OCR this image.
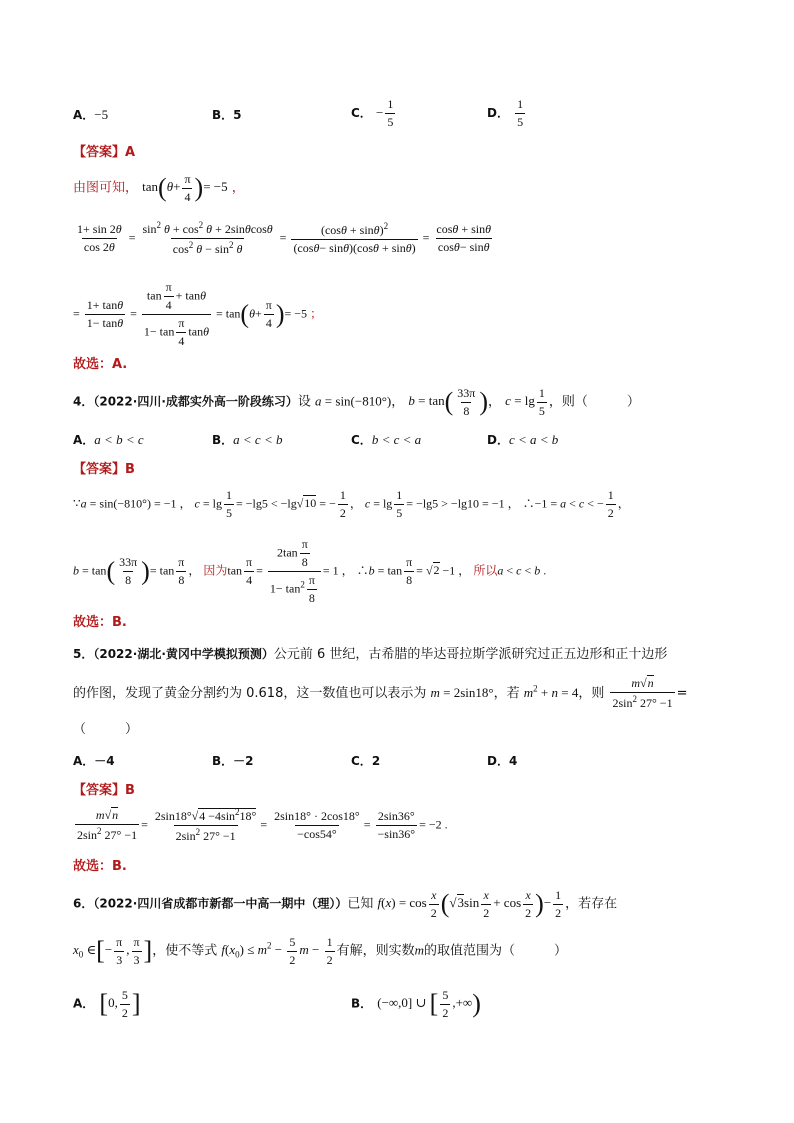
A．−5	B．5	C． − $\frac{1}{5}$	D． $\frac{1}{5}$
【答案】A
由图可知， $\tan(\theta+ \frac{\pi}{4}$ )= −5 ，
$\frac{1+ \sin 2\theta}{\cos 2\theta} = \frac{\sin^2 \theta + \cos^2 \theta + 2\sin\theta\cos\theta}{\cos^2 \theta - \sin^2 \theta} = \frac{(\cos\theta + \sin\theta)^2}{(\cos\theta- \sin\theta)(\cos\theta + \sin\theta)} = \frac{\cos\theta + \sin\theta}{\cos\theta- \sin\theta}$
= $\frac{1+ \tan\theta}{1- \tan\theta} = \frac{\tan \frac{\pi}{4} + \tan\theta}{1- \tan \frac{\pi}{4} \tan\theta} = \tan(\theta+ \frac{\pi}{4}$ )= −5 ；
故选：A.
4．（2022·四川·成都实外高一阶段练习）设 a = sin(−810°)， $b = \tan( \frac{33\pi}{8}$ )， $c = \lg \frac{1}{5}$ ，则（　　　）
A．a < b < c	B．a < c < b	C．b < c < a	D．c < a < b
【答案】B
∵a = sin(−810°) = −1 ， $c = \lg \frac{1}{5} = -\lg 5 < -\lg√10$ = − $\frac{1}{2}$ ， $c = \lg \frac{1}{5} = -\lg 5 > -\lg 10 = -1$ ， ∴−1 = a < c < − $\frac{1}{2}$ ，
$b = \tan( \frac{33\pi}{8}$ )= $\tan \frac{\pi}{8}$ ， 因为$\tan \frac{\pi}{4} = \frac{2\tan \frac{\pi}{8}}{1- \tan^2 \frac{\pi}{8}} = 1$ ， ∴b = $\tan \frac{\pi}{8} = √2 -1$ ， 所以a < c < b .
故选：B.
5．（2022·湖北·黄冈中学模拟预测）公元前 6 世纪，古希腊的毕达哥拉斯学派研究过正五边形和正十边形
的作图，发现了黄金分割约为 0.618，这一数值也可以表示为 m = 2sin18°，若 $m^2 + n = 4$，则 $\frac{m√n}{2\sin^2 27^\circ -1}$ =
（　　　）
A．－4	B．－2	C．2	D．4
【答案】B
$\frac{m√n}{2\sin^2 27^\circ -1} = \frac{2\sin 18^\circ√4 -4\sin^218^\circ}{2\sin^2 27^\circ -1} = \frac{2\sin 18^\circ \cdot 2\cos 18^\circ}{-\cos 54^\circ} = \frac{2\sin 36^\circ}{-\sin 36^\circ} = -2$ .
故选：B.
6．（2022·四川省成都市新都一中高一期中（理））已知 $f(x) = \cos \frac{x}{2} (√3\sin \frac{x}{2} + \cos \frac{x}{2}$ )− $\frac{1}{2}$ ，若存在
$x_0$ ∈[− $\frac{\pi}{3}$ , $\frac{\pi}{3}$ ]，使不等式 $f(x_0) \le m^2 - \frac{5}{2}$ $m - \frac{1}{2}$ 有解，则实数m的取值范围为（　　　）
A． [0, $\frac{5}{2}$ ]	B． (−∞,0] ∪ [ $\frac{5}{2}$ ,+∞)
